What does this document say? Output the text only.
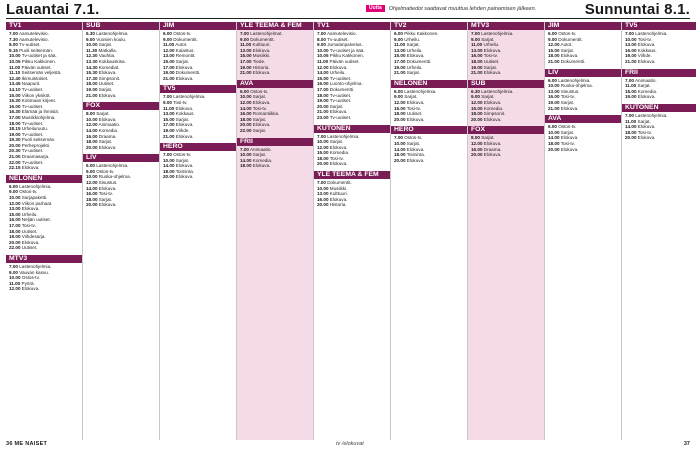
Lauantai 7.1.	Uutta	Ohjelmatiedot saattavat muuttua lehden painamisen jälkeen.	Sunnuntai 8.1.
TV1

7.00 Aamutelevisio.

7.30 Aamutelevisio.

8.00 Tv-uutiset.

9.15 Puoli seitsemän.

10.00 Tv-uutiset ja sää.

10.05 Pikku Kakkonen.

11.00 Päivän uutiset.

11.10 Seitsemän veljestä.

12.40 Ikimuistoiset.

13.45 Naapurit.

14.10 Tv-uutiset.

15.00 Viikon yksiköt.

15.30 Kotimaan kirjeet.

16.00 Tv-uutiset.

16.30 Elämää ja ihmisiä.

17.00 Musiikkiohjelma.

18.00 Tv-uutiset.

18.15 Urheiluruutu.

19.00 Tv-uutiset.

19.30 Puoli seitsemän.

20.00 Perheprojekti.

20.30 Tv-uutiset.

21.00 Draamasarja.

22.00 Tv-uutiset.

22.15 Elokuva.

NELONEN

6.00 Lastenohjelmia.

9.00 Ostos-tv.

10.00 Sarjapaketti.

12.00 Viikon parhaat.

13.00 Elokuva.

15.00 Urheilu.

16.00 Neljän uutiset.

17.00 Tosi-tv.

18.00 Uutiset.

19.00 Viihdesarja.

20.00 Elokuva.

22.00 Uutiset.

MTV3

7.00 Lastenohjelmia.

9.00 Vauvan kasvu.

10.00 Ostos-tv.

11.00 Pyörä.

12.00 Elokuva.

SUB

6.30 Lastenohjelmia.

9.00 Vuosien koulu.

10.00 Sarjat.

11.30 Matkalla.

12.30 Vauhtia.

13.30 Kokkauskisa.

14.30 Komediat.

15.30 Elokuva.

17.30 Simpsonit.

18.00 Uutiset.

19.00 Sarjat.

21.00 Elokuva.

FOX

8.00 Sarjat.

10.00 Elokuva.

12.00 Animaatio.

14.00 Komedia.

16.00 Draama.

18.00 Sarjat.

20.00 Elokuva.

LIV

6.00 Lastenohjelmia.

9.00 Ostos-tv.

10.00 Ruoka-ohjelma.

12.00 Sisustus.

14.00 Elokuva.

16.00 Tosi-tv.

18.00 Sarjat.

20.00 Elokuva.

JIM

6.00 Ostos-tv.

9.00 Dokumentit.

11.00 Autot.

12.00 Kalastus.

13.00 Remontit.

15.00 Sarjat.

17.00 Elokuva.

19.00 Dokumentti.

21.00 Elokuva.

TV5

7.00 Lastenohjelmia.

9.00 Tosi-tv.

11.00 Elokuva.

13.00 Kokkaus.

15.00 Sarjat.

17.00 Elokuva.

19.00 Viihde.

21.00 Elokuva.

HERO

7.00 Ostos-tv.

10.00 Sarjat.

14.00 Elokuva.

18.00 Toiminta.

20.00 Elokuva.

YLE TEEMA & FEM

7.00 Lastenohjelmat.

9.00 Dokumentit.

11.00 Kulttuuri.

13.00 Elokuva.

15.00 Musiikki.

17.00 Tiede.

19.00 Historia.

21.00 Elokuva.

AVA

6.00 Ostos-tv.

10.00 Sarjat.

12.00 Elokuva.

14.00 Tosi-tv.

16.00 Romantiikka.

18.00 Sarjat.

20.00 Elokuva.

22.00 Sarjat.

FRII

7.00 Animaatio.

10.00 Sarjat.

14.00 Komedia.

18.00 Elokuva.

TV1

7.00 Aamutelevisio.

8.00 Tv-uutiset.

9.00 Jumalanpalvelus.

10.00 Tv-uutiset ja sää.

10.05 Pikku Kakkonen.

11.00 Päivän uutiset.

12.00 Elokuva.

14.00 Urheilu.

15.00 Tv-uutiset.

16.00 Luonto-ohjelma.

17.00 Dokumentti.

18.00 Tv-uutiset.

19.00 Tv-uutiset.

20.00 Sarjat.

21.00 Elokuva.

23.00 Tv-uutiset.

KUTONEN

7.00 Lastenohjelmia.

10.00 Sarjat.

12.00 Elokuva.

15.00 Komedia.

18.00 Tosi-tv.

20.00 Elokuva.

YLE TEEMA & FEM

7.00 Dokumentit.

10.00 Musiikki.

13.00 Kulttuuri.

16.00 Elokuva.

20.00 Historia.

TV2

6.00 Pikku Kakkonen.

9.00 Urheilu.

11.00 Sarjat.

13.00 Urheilu.

15.00 Elokuva.

17.00 Dokumentti.

19.00 Urheilu.

21.00 Sarjat.

NELONEN

6.00 Lastenohjelmia.

9.00 Sarjat.

12.00 Elokuva.

15.00 Tosi-tv.

18.00 Uutiset.

20.00 Elokuva.

HERO

7.00 Ostos-tv.

10.00 Sarjat.

14.00 Elokuva.

18.00 Toiminta.

20.00 Elokuva.

MTV3

7.00 Lastenohjelmia.

9.00 Sarjat.

11.00 Urheilu.

13.00 Elokuva.

16.00 Tosi-tv.

18.00 Uutiset.

19.00 Sarjat.

21.00 Elokuva.

SUB

6.30 Lastenohjelmia.

9.00 Sarjat.

12.00 Elokuva.

15.00 Komedia.

18.00 Simpsonit.

20.00 Elokuva.

FOX

8.00 Sarjat.

12.00 Elokuva.

16.00 Draama.

20.00 Elokuva.

JIM

6.00 Ostos-tv.

9.00 Dokumentit.

12.00 Autot.

15.00 Sarjat.

18.00 Elokuva.

21.00 Dokumentti.

LIV

6.00 Lastenohjelmia.

10.00 Ruoka-ohjelma.

13.00 Sisustus.

16.00 Tosi-tv.

19.00 Sarjat.

21.00 Elokuva.

AVA

6.00 Ostos-tv.

10.00 Sarjat.

14.00 Elokuva.

18.00 Tosi-tv.

20.00 Elokuva.

TV5

7.00 Lastenohjelmia.

10.00 Tosi-tv.

13.00 Elokuva.

16.00 Kokkaus.

19.00 Viihde.

21.00 Elokuva.

FRII

7.00 Animaatio.

11.00 Sarjat.

15.00 Komedia.

19.00 Elokuva.

KUTONEN

7.00 Lastenohjelmia.

11.00 Sarjat.

14.00 Elokuva.

18.00 Tosi-tv.

20.00 Elokuva.

36 ME NAISET	tv /elokuvat	37
